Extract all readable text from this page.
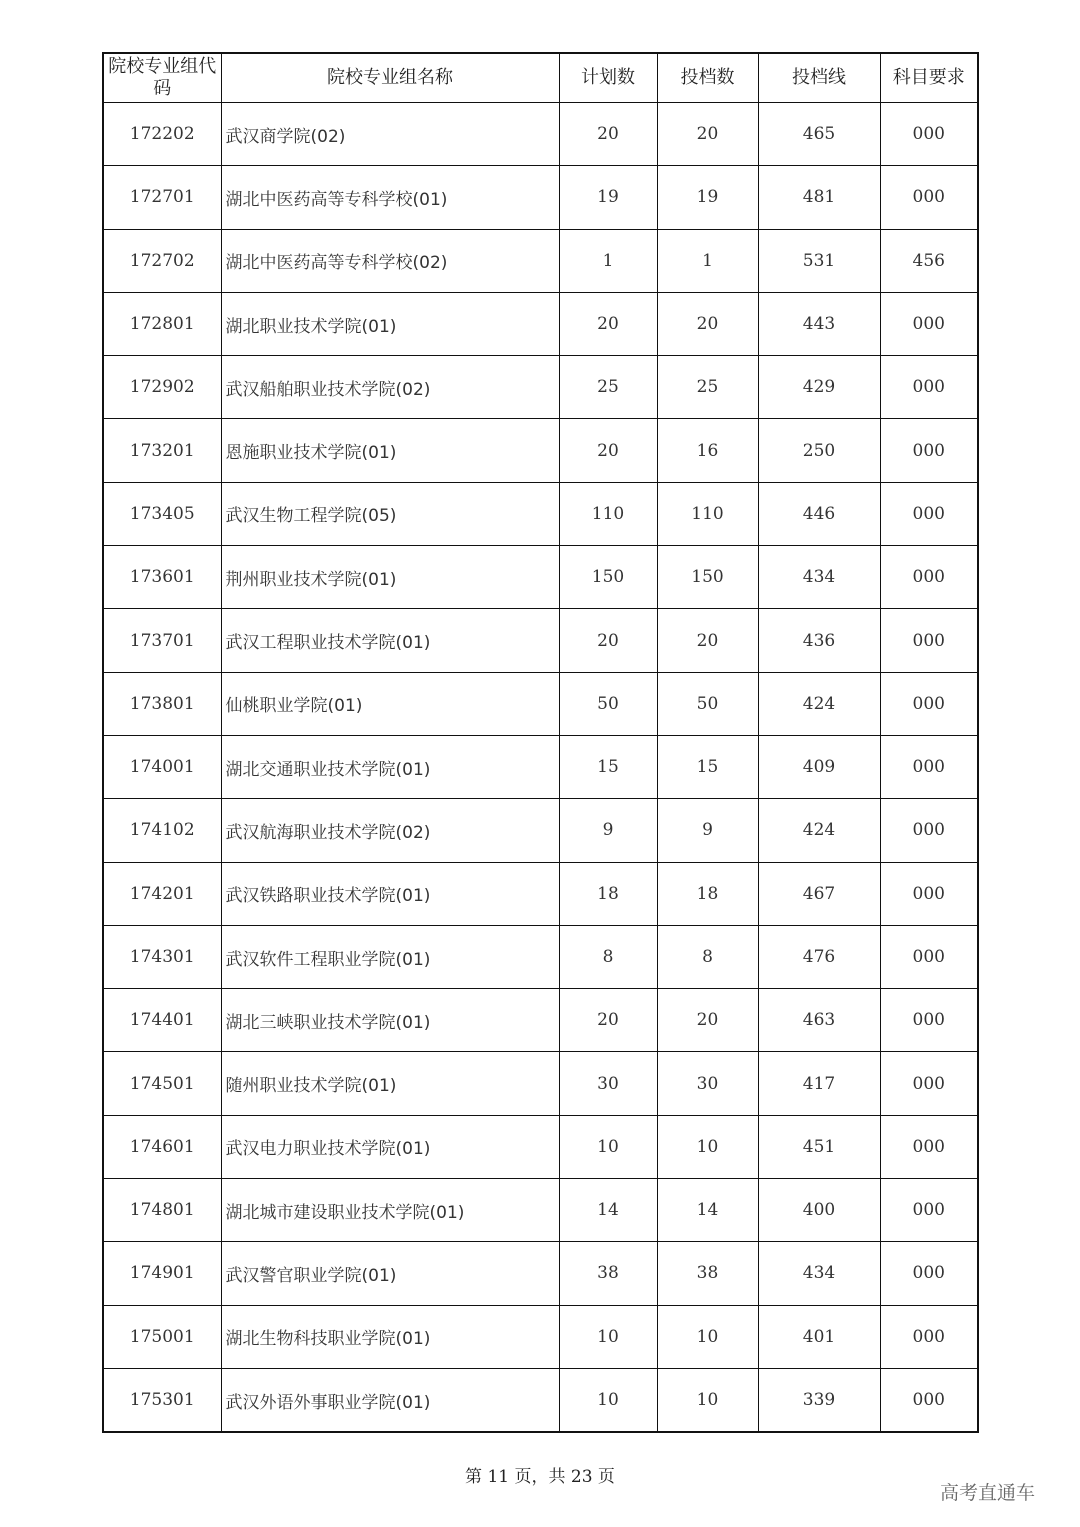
院校专业组代码	院校专业组名称	计划数	投档数	投档线	科目要求
172202	武汉商学院(02)	20	20	465	000
172701	湖北中医药高等专科学校(01)	19	19	481	000
172702	湖北中医药高等专科学校(02)	1	1	531	456
172801	湖北职业技术学院(01)	20	20	443	000
172902	武汉船舶职业技术学院(02)	25	25	429	000
173201	恩施职业技术学院(01)	20	16	250	000
173405	武汉生物工程学院(05)	110	110	446	000
173601	荆州职业技术学院(01)	150	150	434	000
173701	武汉工程职业技术学院(01)	20	20	436	000
173801	仙桃职业学院(01)	50	50	424	000
174001	湖北交通职业技术学院(01)	15	15	409	000
174102	武汉航海职业技术学院(02)	9	9	424	000
174201	武汉铁路职业技术学院(01)	18	18	467	000
174301	武汉软件工程职业学院(01)	8	8	476	000
174401	湖北三峡职业技术学院(01)	20	20	463	000
174501	随州职业技术学院(01)	30	30	417	000
174601	武汉电力职业技术学院(01)	10	10	451	000
174801	湖北城市建设职业技术学院(01)	14	14	400	000
174901	武汉警官职业学院(01)	38	38	434	000
175001	湖北生物科技职业学院(01)	10	10	401	000
175301	武汉外语外事职业学院(01)	10	10	339	000
第 11 页，共 23 页
高考直通车
